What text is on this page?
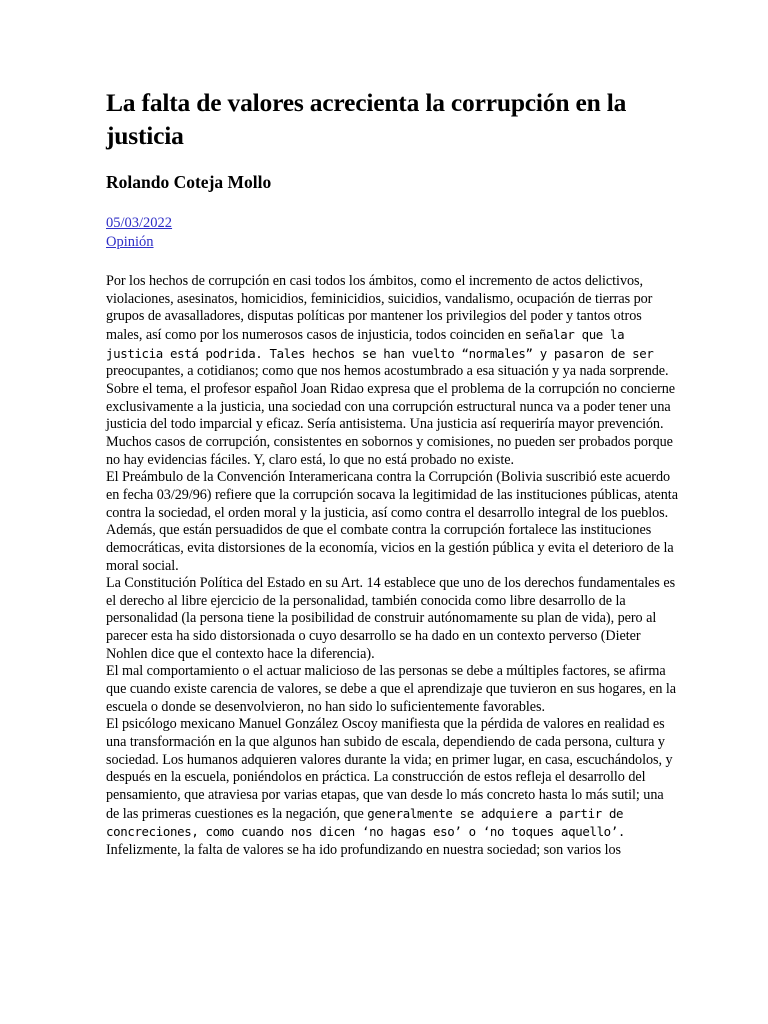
La falta de valores acrecienta la corrupción en la justicia
Rolando Coteja Mollo
05/03/2022
Opinión

Por los hechos de corrupción en casi todos los ámbitos, como el incremento de actos delictivos, violaciones, asesinatos, homicidios, feminicidios, suicidios, vandalismo, ocupación de tierras por grupos de avasalladores, disputas políticas por mantener los privilegios del poder y tantos otros males, así como por los numerosos casos de injusticia, todos coinciden en señalar que la justicia está podrida. Tales hechos se han vuelto “normales” y pasaron de ser preocupantes, a cotidianos; como que nos hemos acostumbrado a esa situación y ya nada sorprende.

Sobre el tema, el profesor español Joan Ridao expresa que el problema de la corrupción no concierne exclusivamente a la justicia, una sociedad con una corrupción estructural nunca va a poder tener una justicia del todo imparcial y eficaz. Sería antisistema. Una justicia así requeriría mayor prevención. Muchos casos de corrupción, consistentes en sobornos y comisiones, no pueden ser probados porque no hay evidencias fáciles. Y, claro está, lo que no está probado no existe.

El Preámbulo de la Convención Interamericana contra la Corrupción (Bolivia suscribió este acuerdo en fecha 03/29/96) refiere que la corrupción socava la legitimidad de las instituciones públicas, atenta contra la sociedad, el orden moral y la justicia, así como contra el desarrollo integral de los pueblos. Además, que están persuadidos de que el combate contra la corrupción fortalece las instituciones democráticas, evita distorsiones de la economía, vicios en la gestión pública y evita el deterioro de la moral social.

La Constitución Política del Estado en su Art. 14 establece que uno de los derechos fundamentales es el derecho al libre ejercicio de la personalidad, también conocida como libre desarrollo de la personalidad (la persona tiene la posibilidad de construir autónomamente su plan de vida), pero al parecer esta ha sido distorsionada o cuyo desarrollo se ha dado en un contexto perverso (Dieter Nohlen dice que el contexto hace la diferencia).

El mal comportamiento o el actuar malicioso de las personas se debe a múltiples factores, se afirma que cuando existe carencia de valores, se debe a que el aprendizaje que tuvieron en sus hogares, en la escuela o donde se desenvolvieron, no han sido lo suficientemente favorables.

El psicólogo mexicano Manuel González Oscoy manifiesta que la pérdida de valores en realidad es una transformación en la que algunos han subido de escala, dependiendo de cada persona, cultura y sociedad. Los humanos adquieren valores durante la vida; en primer lugar, en casa, escuchándolos, y después en la escuela, poniéndolos en práctica. La construcción de estos refleja el desarrollo del pensamiento, que atraviesa por varias etapas, que van desde lo más concreto hasta lo más sutil; una de las primeras cuestiones es la negación, que generalmente se adquiere a partir de concreciones, como cuando nos dicen ‘no hagas eso’ o ‘no toques aquello’.

Infelizmente, la falta de valores se ha ido profundizando en nuestra sociedad; son varios los
